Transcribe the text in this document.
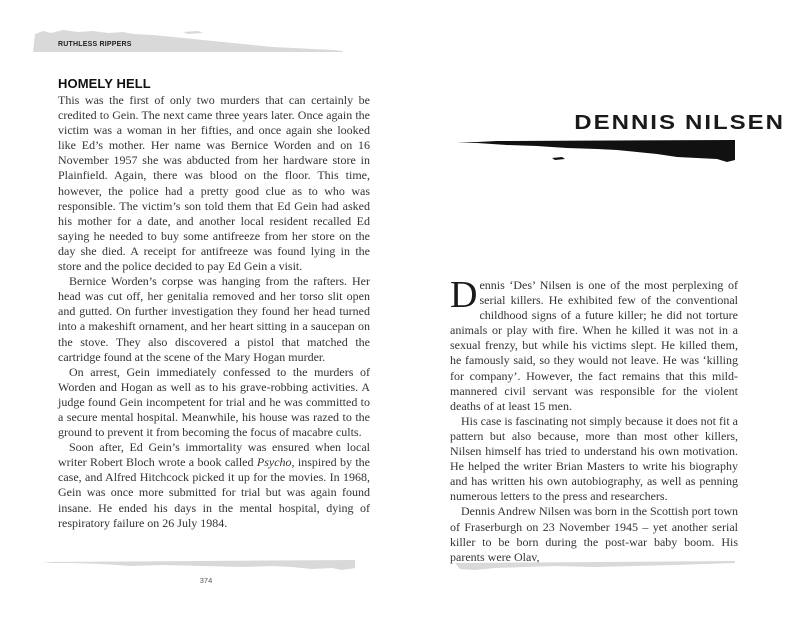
RUTHLESS RIPPERS
HOMELY HELL

This was the first of only two murders that can certainly be credited to Gein. The next came three years later. Once again the victim was a woman in her fifties, and once again she looked like Ed’s mother. Her name was Bernice Worden and on 16 November 1957 she was abducted from her hardware store in Plainfield. Again, there was blood on the floor. This time, however, the police had a pretty good clue as to who was responsible. The victim’s son told them that Ed Gein had asked his mother for a date, and another local resident recalled Ed saying he needed to buy some antifreeze from her store on the day she died. A receipt for antifreeze was found lying in the store and the police decided to pay Ed Gein a visit.

Bernice Worden’s corpse was hanging from the rafters. Her head was cut off, her genitalia removed and her torso slit open and gutted. On further investigation they found her head turned into a makeshift ornament, and her heart sitting in a saucepan on the stove. They also discovered a pistol that matched the cartridge found at the scene of the Mary Hogan murder.

On arrest, Gein immediately confessed to the murders of Worden and Hogan as well as to his grave-robbing activities. A judge found Gein incompetent for trial and he was committed to a secure mental hospital. Meanwhile, his house was razed to the ground to prevent it from becoming the focus of macabre cults.

Soon after, Ed Gein’s immortality was ensured when local writer Robert Bloch wrote a book called Psycho, inspired by the case, and Alfred Hitchcock picked it up for the movies. In 1968, Gein was once more submitted for trial but was again found insane. He ended his days in the mental hospital, dying of respiratory failure on 26 July 1984.

374
DENNIS NILSEN

Dennis ‘Des’ Nilsen is one of the most perplexing of serial killers. He exhibited few of the conventional childhood signs of a future killer; he did not torture animals or play with fire. When he killed it was not in a sexual frenzy, but while his victims slept. He killed them, he famously said, so they would not leave. He was ‘killing for company’. However, the fact remains that this mild-mannered civil servant was responsible for the violent deaths of at least 15 men.

His case is fascinating not simply because it does not fit a pattern but also because, more than most other killers, Nilsen himself has tried to understand his own motivation. He helped the writer Brian Masters to write his biography and has written his own autobiography, as well as penning numerous letters to the press and researchers.

Dennis Andrew Nilsen was born in the Scottish port town of Fraserburgh on 23 November 1945 – yet another serial killer to be born during the post-war baby boom. His parents were Olav,
